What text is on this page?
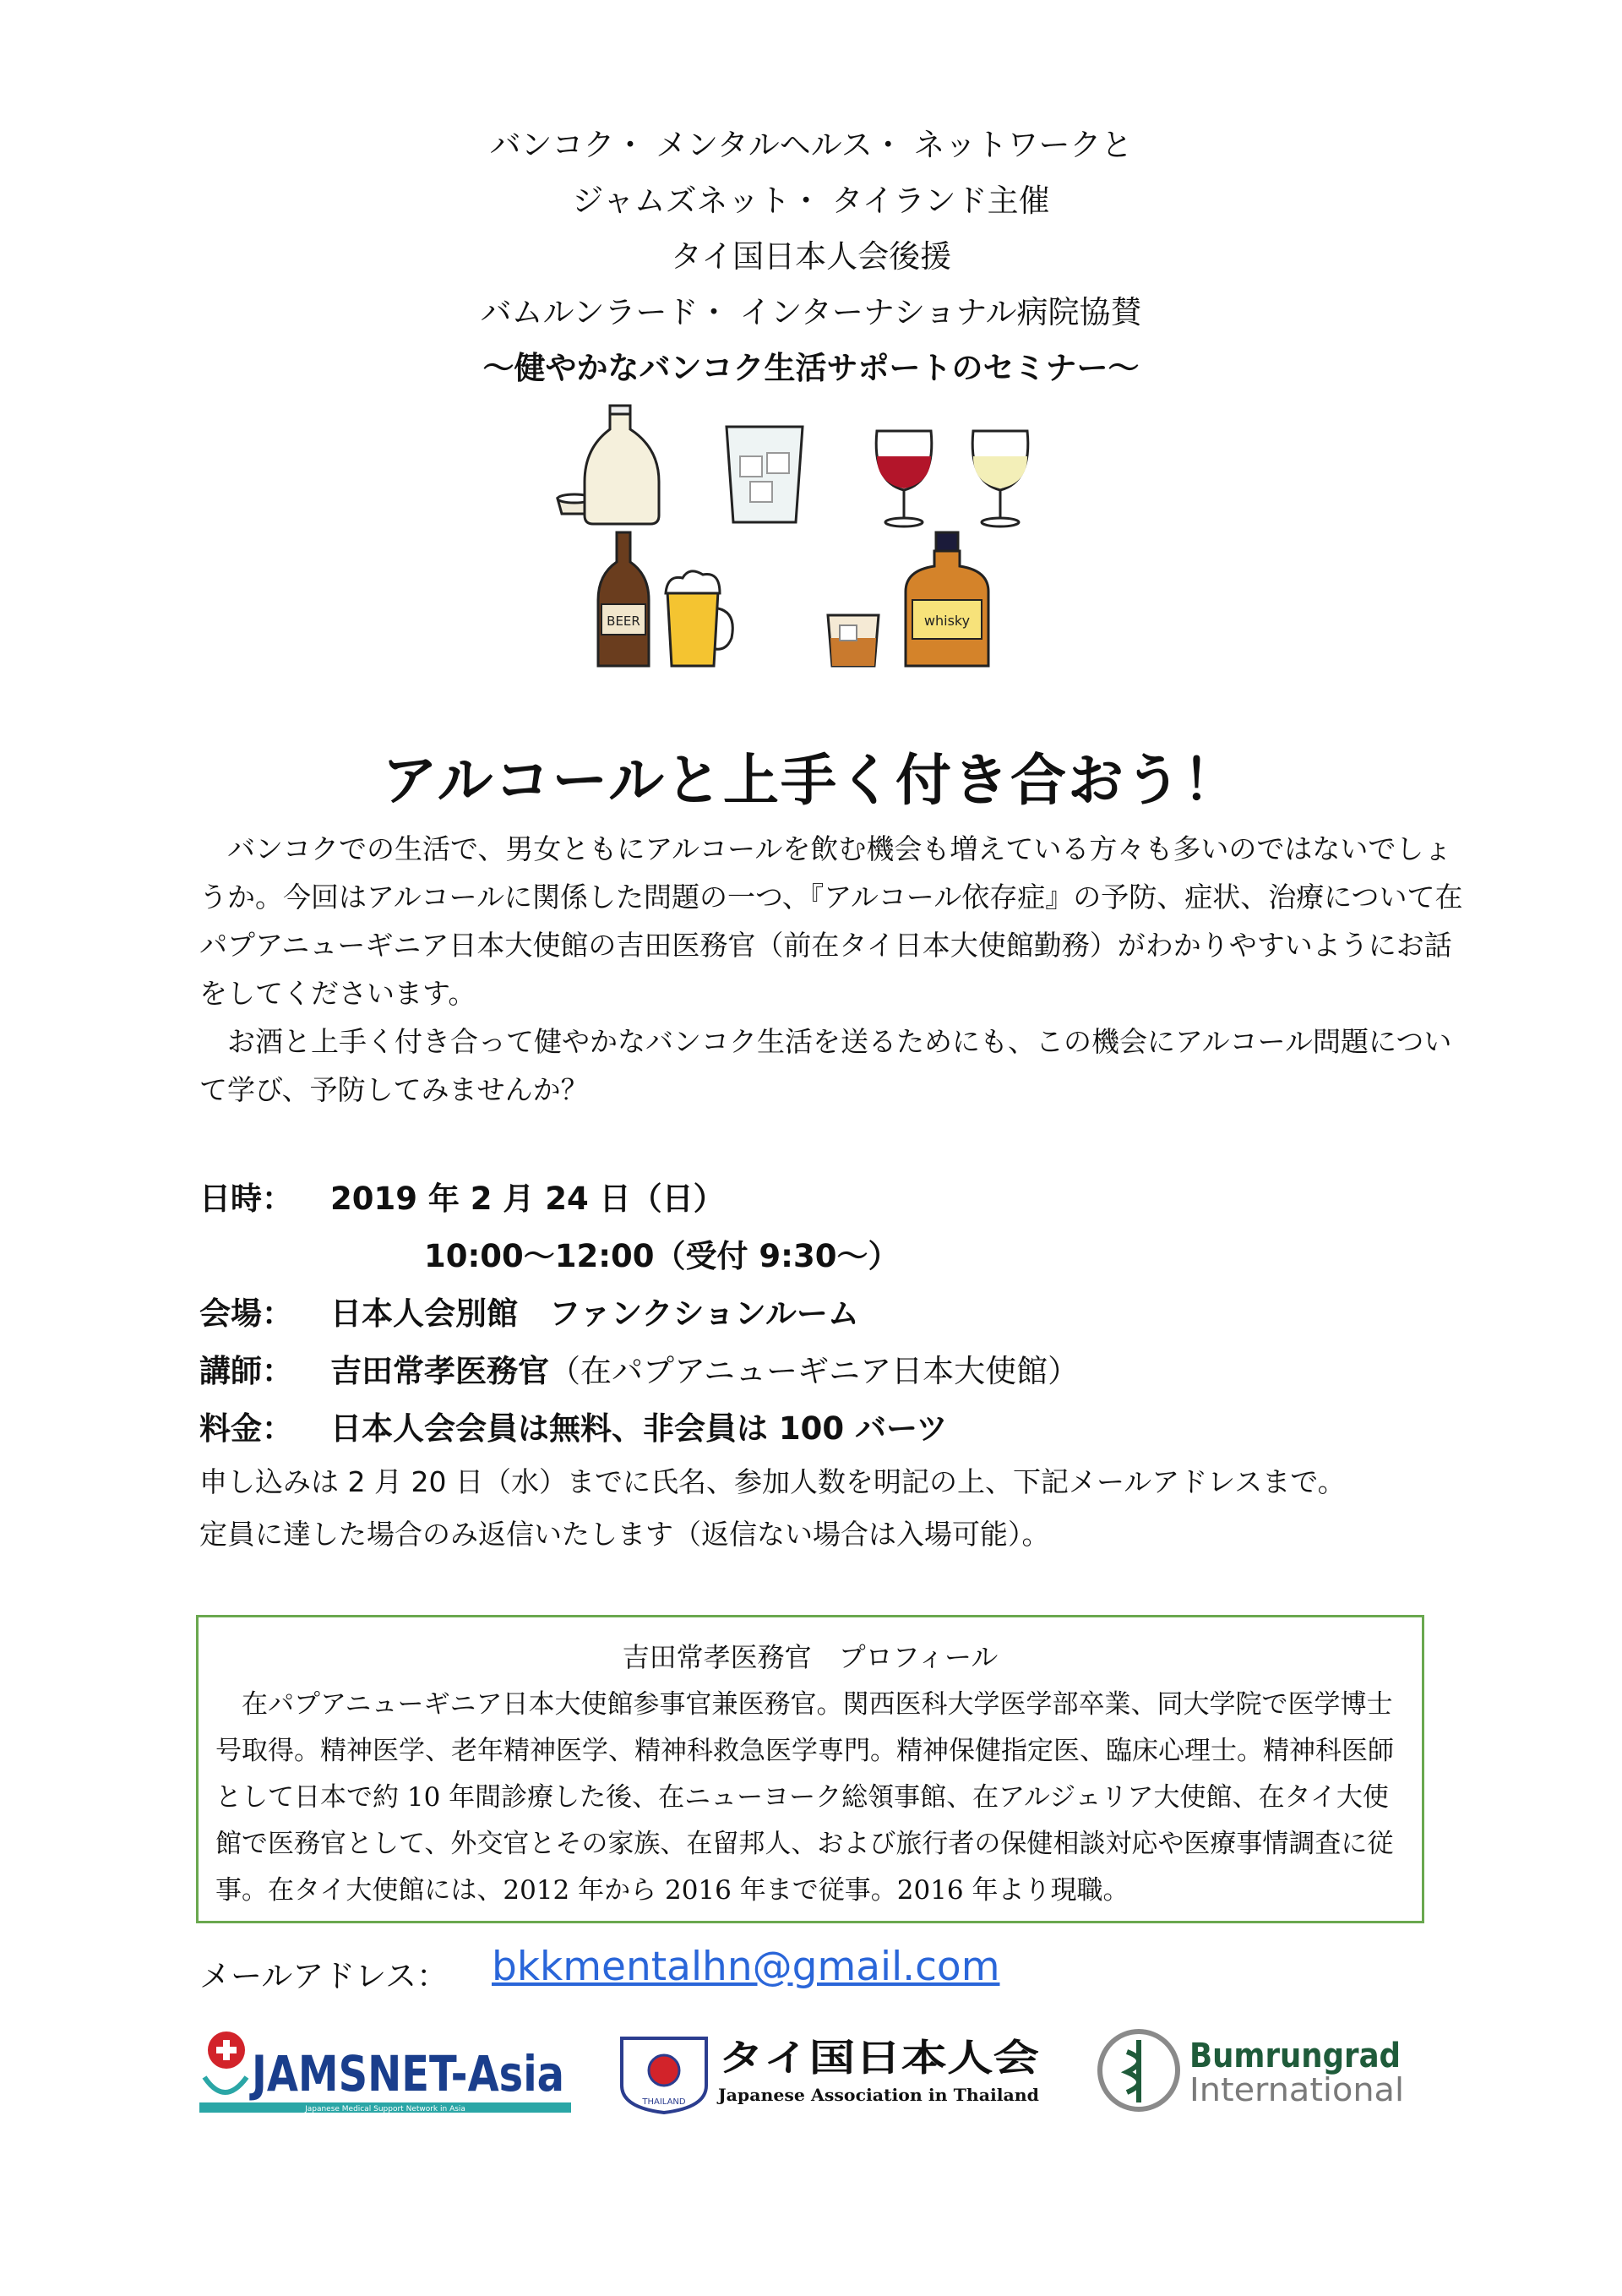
バンコク・ メンタルヘルス・ ネットワークと
ジャムズネット・ タイランド主催
タイ国日本人会後援
バムルンラード・ インターナショナル病院協賛
〜健やかなバンコク生活サポートのセミナー〜
BEER	whisky
アルコールと上手く付き合おう！

　バンコクでの生活で、男女ともにアルコールを飲む機会も増えている方々も多いのではないでしょうか。今回はアルコールに関係した問題の一つ、『アルコール依存症』の予防、症状、治療について在パプアニューギニア日本大使館の吉田医務官（前在タイ日本大使館勤務）がわかりやすいようにお話をしてくださいます。

　お酒と上手く付き合って健やかなバンコク生活を送るためにも、この機会にアルコール問題について学び、予防してみませんか？

日時： 2019 年 2 月 24 日（日）
10:00〜12:00（受付 9:30〜）
会場： 日本人会別館　ファンクションルーム
講師： 吉田常孝医務官（在パプアニューギニア日本大使館）
料金： 日本人会会員は無料、非会員は 100 バーツ
申し込みは 2 月 20 日（水）までに氏名、参加人数を明記の上、下記メールアドレスまで。
定員に達した場合のみ返信いたします（返信ない場合は入場可能）。
吉田常孝医務官　プロフィール
　在パプアニューギニア日本大使館参事官兼医務官。関西医科大学医学部卒業、同大学院で医学博士号取得。精神医学、老年精神医学、精神科救急医学専門。精神保健指定医、臨床心理士。精神科医師として日本で約 10 年間診療した後、在ニューヨーク総領事館、在アルジェリア大使館、在タイ大使館で医務官として、外交官とその家族、在留邦人、および旅行者の保健相談対応や医療事情調査に従事。在タイ大使館には、2012 年から 2016 年まで従事。2016 年より現職。
メールアドレス： bkkmentalhn@gmail.com
JAMSNET-Asia
Japanese Medical Support Network in Asia
THAILAND
タイ国日本人会
Japanese Association in Thailand
Bumrungrad
International
